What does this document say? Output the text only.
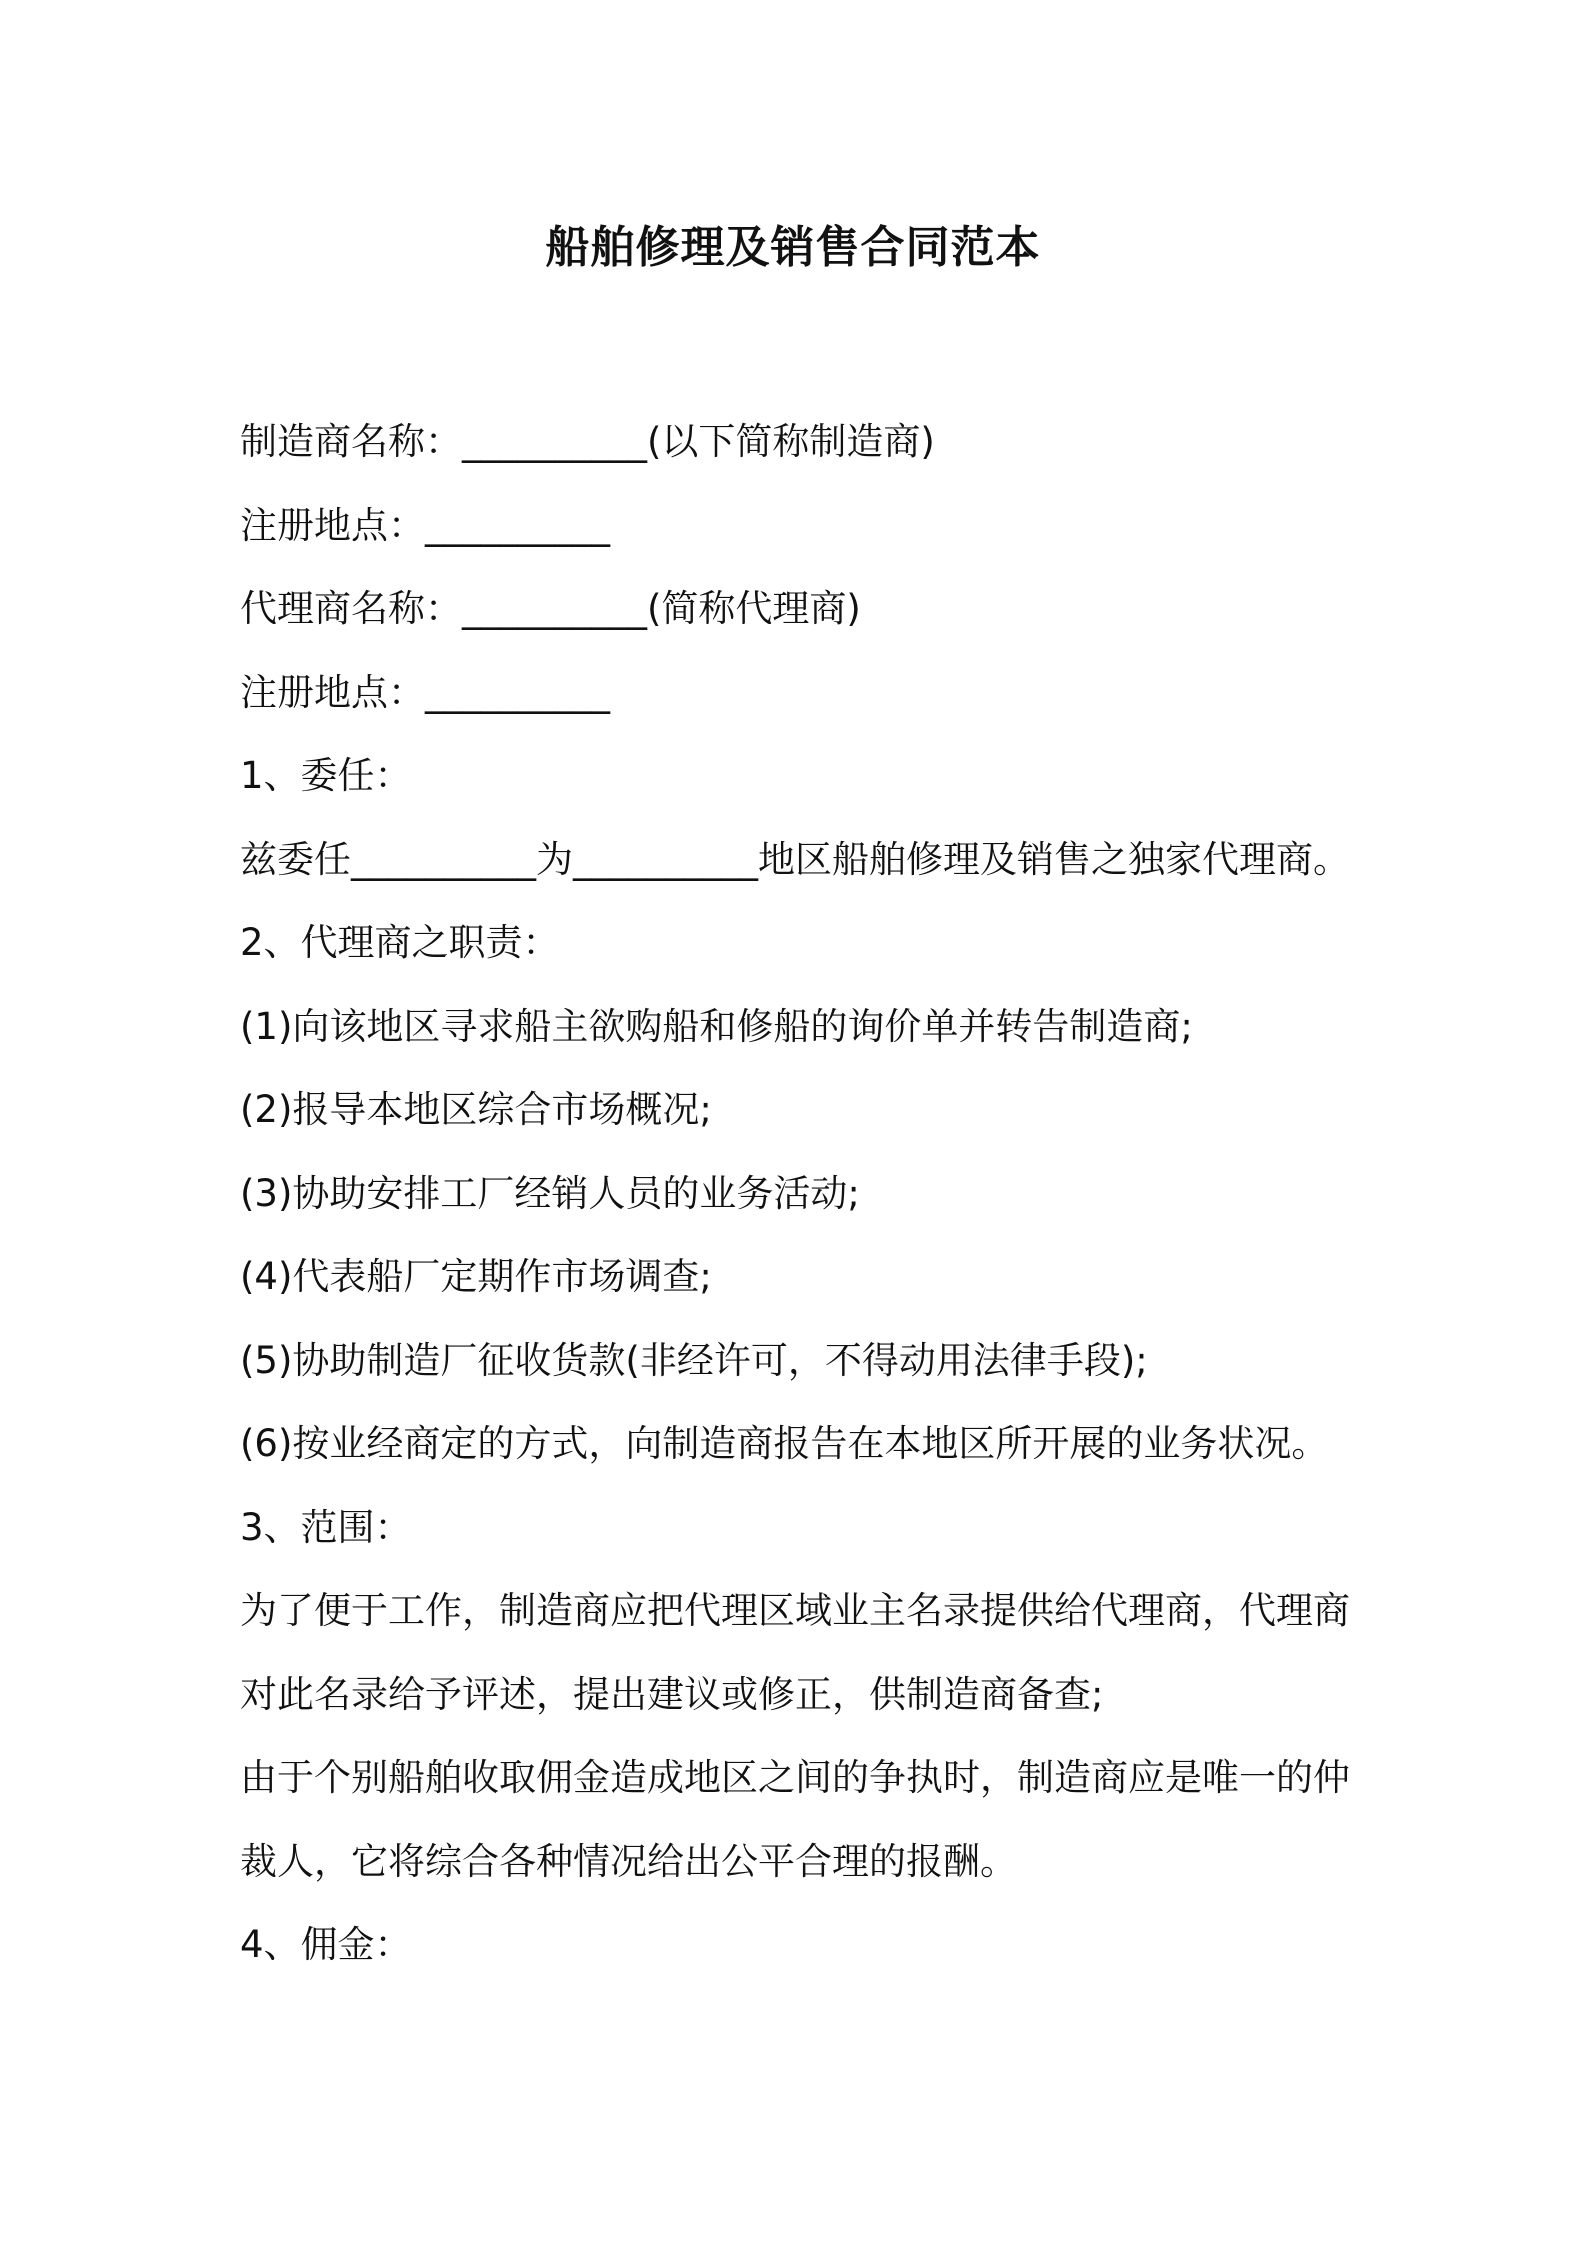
船舶修理及销售合同范本
制造商名称：__________(以下简称制造商)
注册地点：__________
代理商名称：__________(简称代理商)
注册地点：__________
1、委任：
兹委任__________为__________地区船舶修理及销售之独家代理商。
2、代理商之职责：
(1)向该地区寻求船主欲购船和修船的询价单并转告制造商;
(2)报导本地区综合市场概况;
(3)协助安排工厂经销人员的业务活动;
(4)代表船厂定期作市场调查;
(5)协助制造厂征收货款(非经许可，不得动用法律手段);
(6)按业经商定的方式，向制造商报告在本地区所开展的业务状况。
3、范围：
为了便于工作，制造商应把代理区域业主名录提供给代理商，代理商
对此名录给予评述，提出建议或修正，供制造商备查;
由于个别船舶收取佣金造成地区之间的争执时，制造商应是唯一的仲
裁人，它将综合各种情况给出公平合理的报酬。
4、佣金：
